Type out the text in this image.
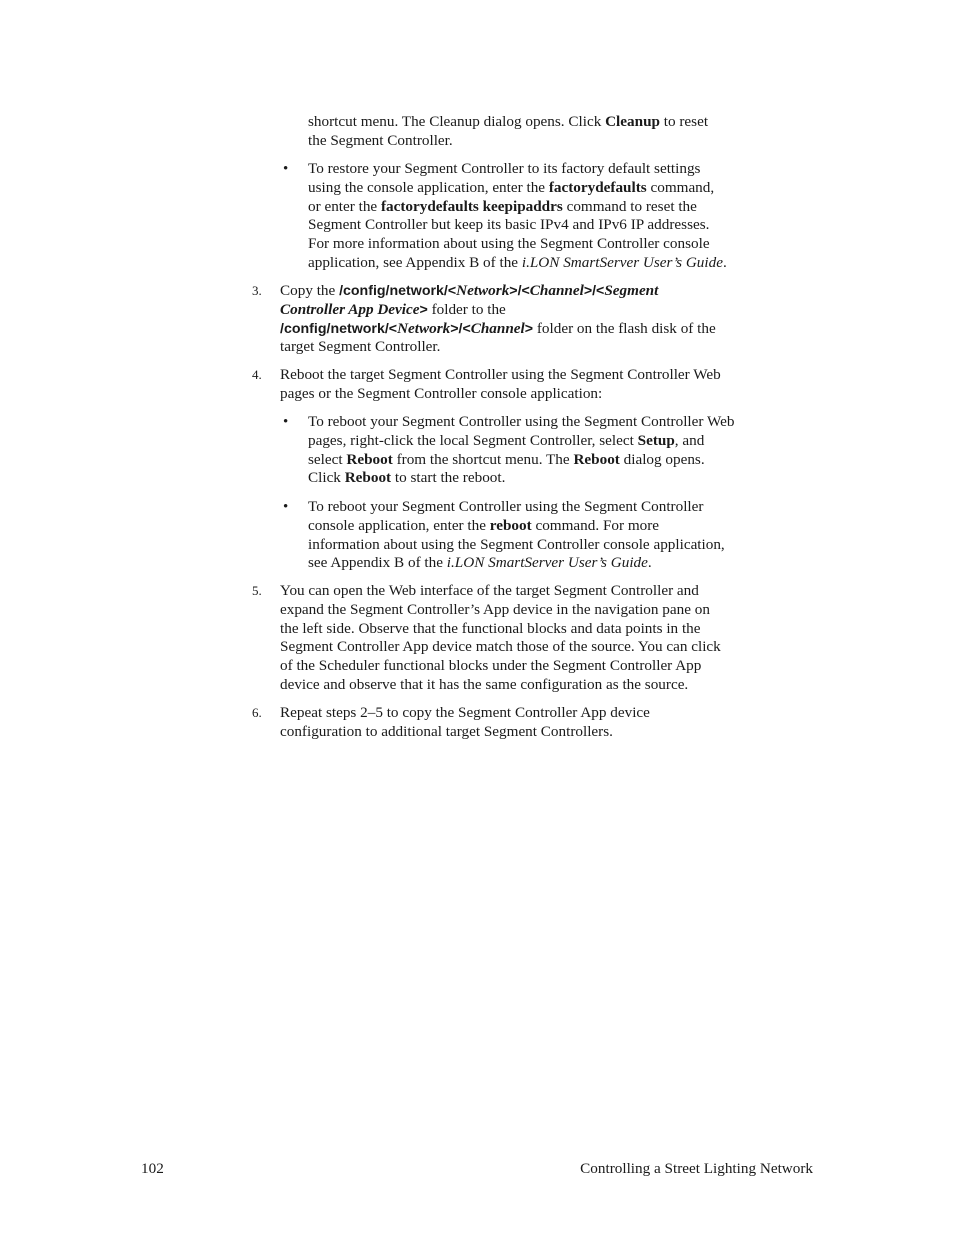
shortcut menu. The Cleanup dialog opens. Click Cleanup to reset
the Segment Controller.
• To restore your Segment Controller to its factory default settings
using the console application, enter the factorydefaults command,
or enter the factorydefaults keepipaddrs command to reset the
Segment Controller but keep its basic IPv4 and IPv6 IP addresses.
For more information about using the Segment Controller console
application, see Appendix B of the i.LON SmartServer User’s Guide.
3. Copy the /config/network/<Network>/<Channel>/<Segment
Controller App Device> folder to the
/config/network/<Network>/<Channel> folder on the flash disk of the
target Segment Controller.
4. Reboot the target Segment Controller using the Segment Controller Web
pages or the Segment Controller console application:
• To reboot your Segment Controller using the Segment Controller Web
pages, right-click the local Segment Controller, select Setup, and
select Reboot from the shortcut menu. The Reboot dialog opens.
Click Reboot to start the reboot.
• To reboot your Segment Controller using the Segment Controller
console application, enter the reboot command. For more
information about using the Segment Controller console application,
see Appendix B of the i.LON SmartServer User’s Guide.
5. You can open the Web interface of the target Segment Controller and
expand the Segment Controller’s App device in the navigation pane on
the left side. Observe that the functional blocks and data points in the
Segment Controller App device match those of the source. You can click
of the Scheduler functional blocks under the Segment Controller App
device and observe that it has the same configuration as the source.
6. Repeat steps 2–5 to copy the Segment Controller App device
configuration to additional target Segment Controllers.
102	Controlling a Street Lighting Network
